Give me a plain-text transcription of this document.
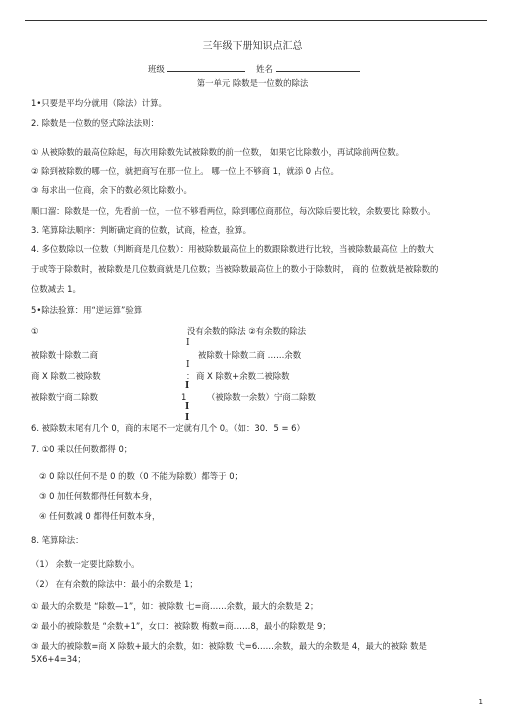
三年级下册知识点汇总
班级	姓名
第一单元 除数是一位数的除法
1•只要是平均分就用（除法）计算。
2. 除数是一位数的竖式除法法则：
① 从被除数的最高位除起，每次用除数先试被除数的前一位数， 如果它比除数小，再试除前两位数。
② 除到被除数的哪一位，就把商写在那一位上。 哪一位上不够商 1，就添 0 占位。
③ 每求出一位商，余下的数必须比除数小。
顺口溜：除数是一位，先看前一位，一位不够看两位，除到哪位商那位，每次除后要比较，余数要比 除数小。
3. 笔算除法顺序：判断确定商的位数，试商，检查，验算。
4. 多位数除以一位数（判断商是几位数）：用被除数最高位上的数跟除数进行比较，当被除数最高位 上的数大
于或等于除数时，被除数是几位数商就是几位数；当被除数最高位上的数小于除数时， 商的 位数就是被除数的
位数减去 1。
5•除法验算：用“逆运算”验算
①	没有余数的除法 ②有余数的除法
I
被除数十除数二商	被除数十除数二商 ……余数
I
商 X 除数二被除数	： 商 X 除数+余数二被除数
I
被除数宁商二除数	1 （被除数一余数）宁商二除数
I
I
6. 被除数末尾有几个 0，商的末尾不一定就有几个 0。（如：30．5 = 6）
7. ①0 乘以任何数都得 0；
② 0 除以任何不是 0 的数（0 不能为除数）都等于 0；
③ 0 加任何数都得任何数本身，
④ 任何数减 0 都得任何数本身，
8. 笔算除法：
（1） 余数一定要比除数小。
（2） 在有余数的除法中：最小的余数是 1；
① 最大的余数是 “除数—1”，如：被除数 七=商……余数，最大的余数是 2；
② 最小的被除数是 “余数+1”，女口：被除数 梅数=商……8，最小的除数是 9；
③ 最大的被除数=商 X 除数+最大的余数，如：被除数 弋=6……余数，最大的余数是 4，最大的被除 数是
5X6+4=34；
1
